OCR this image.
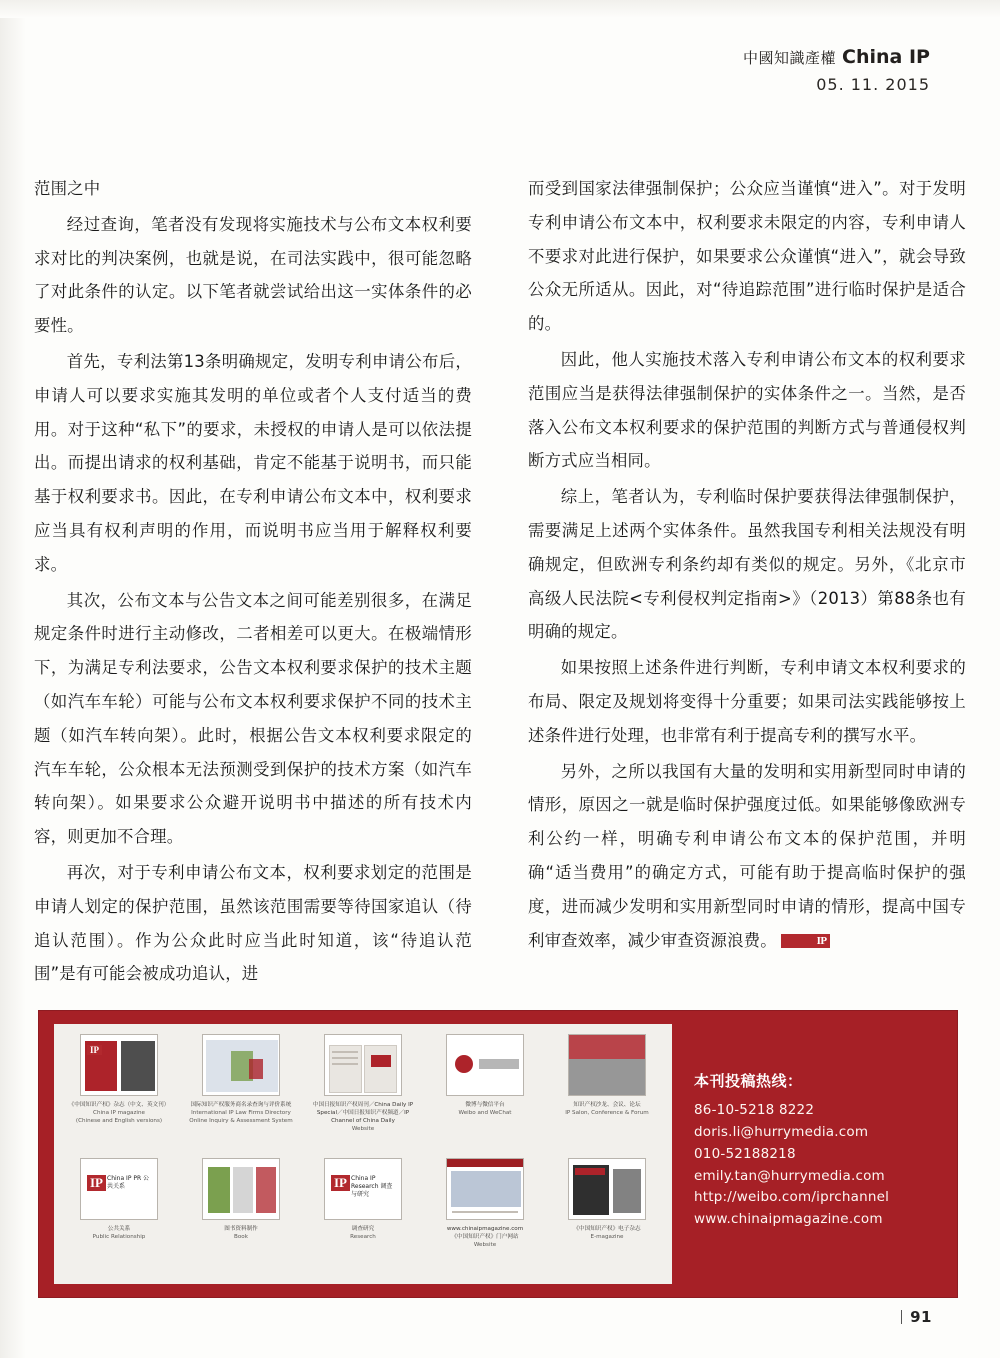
中國知識產權 China IP
05. 11. 2015

范围之中

经过查询，笔者没有发现将实施技术与公布文本权利要求对比的判决案例，也就是说，在司法实践中，很可能忽略了对此条件的认定。以下笔者就尝试给出这一实体条件的必要性。

首先，专利法第13条明确规定，发明专利申请公布后，申请人可以要求实施其发明的单位或者个人支付适当的费用。对于这种“私下”的要求，未授权的申请人是可以依法提出。而提出请求的权利基础，肯定不能基于说明书，而只能基于权利要求书。因此，在专利申请公布文本中，权利要求应当具有权利声明的作用，而说明书应当用于解释权利要求。

其次，公布文本与公告文本之间可能差别很多，在满足规定条件时进行主动修改，二者相差可以更大。在极端情形下，为满足专利法要求，公告文本权利要求保护的技术主题（如汽车车轮）可能与公布文本权利要求保护不同的技术主题（如汽车转向架）。此时，根据公告文本权利要求限定的汽车车轮，公众根本无法预测受到保护的技术方案（如汽车转向架）。如果要求公众避开说明书中描述的所有技术内容，则更加不合理。

再次，对于专利申请公布文本，权利要求划定的范围是申请人划定的保护范围，虽然该范围需要等待国家追认（待追认范围）。作为公众此时应当此时知道，该“待追认范围”是有可能会被成功追认，进

而受到国家法律强制保护；公众应当谨慎“进入”。对于发明专利申请公布文本中，权利要求未限定的内容，专利申请人不要求对此进行保护，如果要求公众谨慎“进入”，就会导致公众无所适从。因此，对“待追踪范围”进行临时保护是适合的。

因此，他人实施技术落入专利申请公布文本的权利要求范围应当是获得法律强制保护的实体条件之一。当然，是否落入公布文本权利要求的保护范围的判断方式与普通侵权判断方式应当相同。

综上，笔者认为，专利临时保护要获得法律强制保护，需要满足上述两个实体条件。虽然我国专利相关法规没有明确规定，但欧洲专利条约却有类似的规定。另外，《北京市高级人民法院<专利侵权判定指南>》（2013）第88条也有明确的规定。

如果按照上述条件进行判断，专利申请文本权利要求的布局、限定及规划将变得十分重要；如果司法实践能够按上述条件进行处理，也非常有利于提高专利的撰写水平。

另外，之所以我国有大量的发明和实用新型同时申请的情形，原因之一就是临时保护强度过低。如果能够像欧洲专利公约一样，明确专利申请公布文本的保护范围，并明确“适当费用”的确定方式，可能有助于提高临时保护的强度，进而减少发明和实用新型同时申请的情形，提高中国专利审查效率，减少审查资源浪费。	IP

IP
《中国知识产权》杂志（中文、英文刊）
China IP magazine
(Chinese and English versions)
国际知识产权服务商名录查询与评价系统
International IP Law Firms Directory
Online Inquiry & Assessment System
中国日报知识产权周刊／China Daily IP Special／中国日报知识产权频道／IP Channel of China Daily
Website
微博与微信平台
Weibo and WeChat
知识产权沙龙、会议、论坛
IP Salon, Conference & Forum
IP China IP PR 公共关系
公共关系
Public Relationship
图书资料制作
Book
IP China IP Research 调查与研究
调查研究
Research
www.chinaipmagazine.com
《中国知识产权》门户网站
Website
《中国知识产权》电子杂志
E-magazine
本刊投稿热线：
86-10-5218 8222
doris.li@hurrymedia.com
010-52188218
emily.tan@hurrymedia.com
http://weibo.com/iprchannel
www.chinaipmagazine.com
91
